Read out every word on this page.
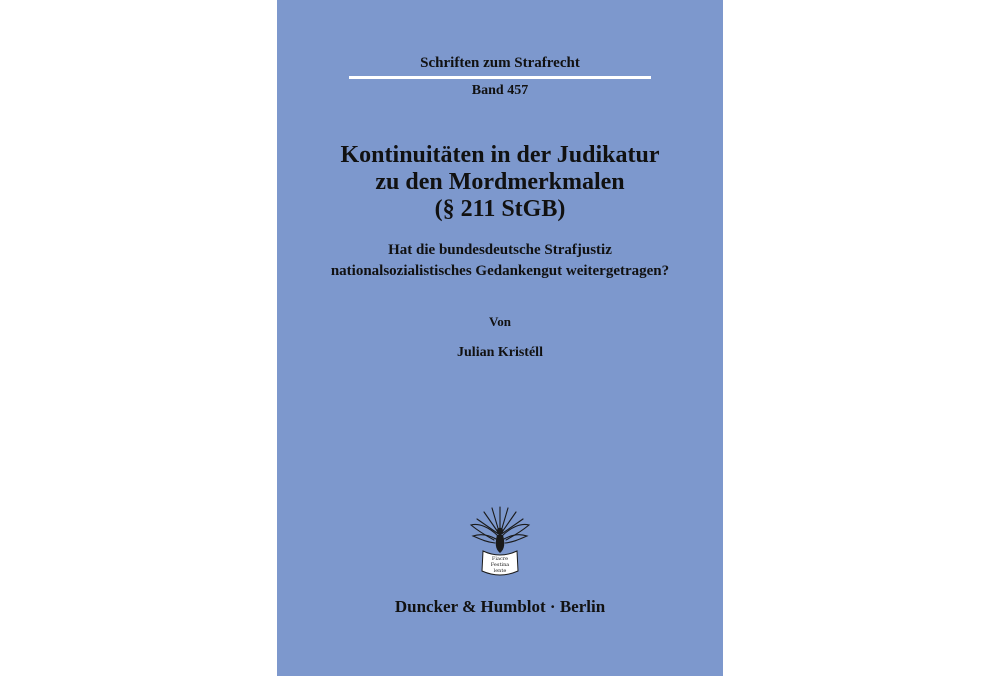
Schriften zum Strafrecht
Band 457
Kontinuitäten in der Judikatur
zu den Mordmerkmalen
(§ 211 StGB)
Hat die bundesdeutsche Strafjustiz
nationalsozialistisches Gedankengut weitergetragen?
Von
Julian Kristéll
Fiacre
Festina
lente
Duncker & Humblot · Berlin
